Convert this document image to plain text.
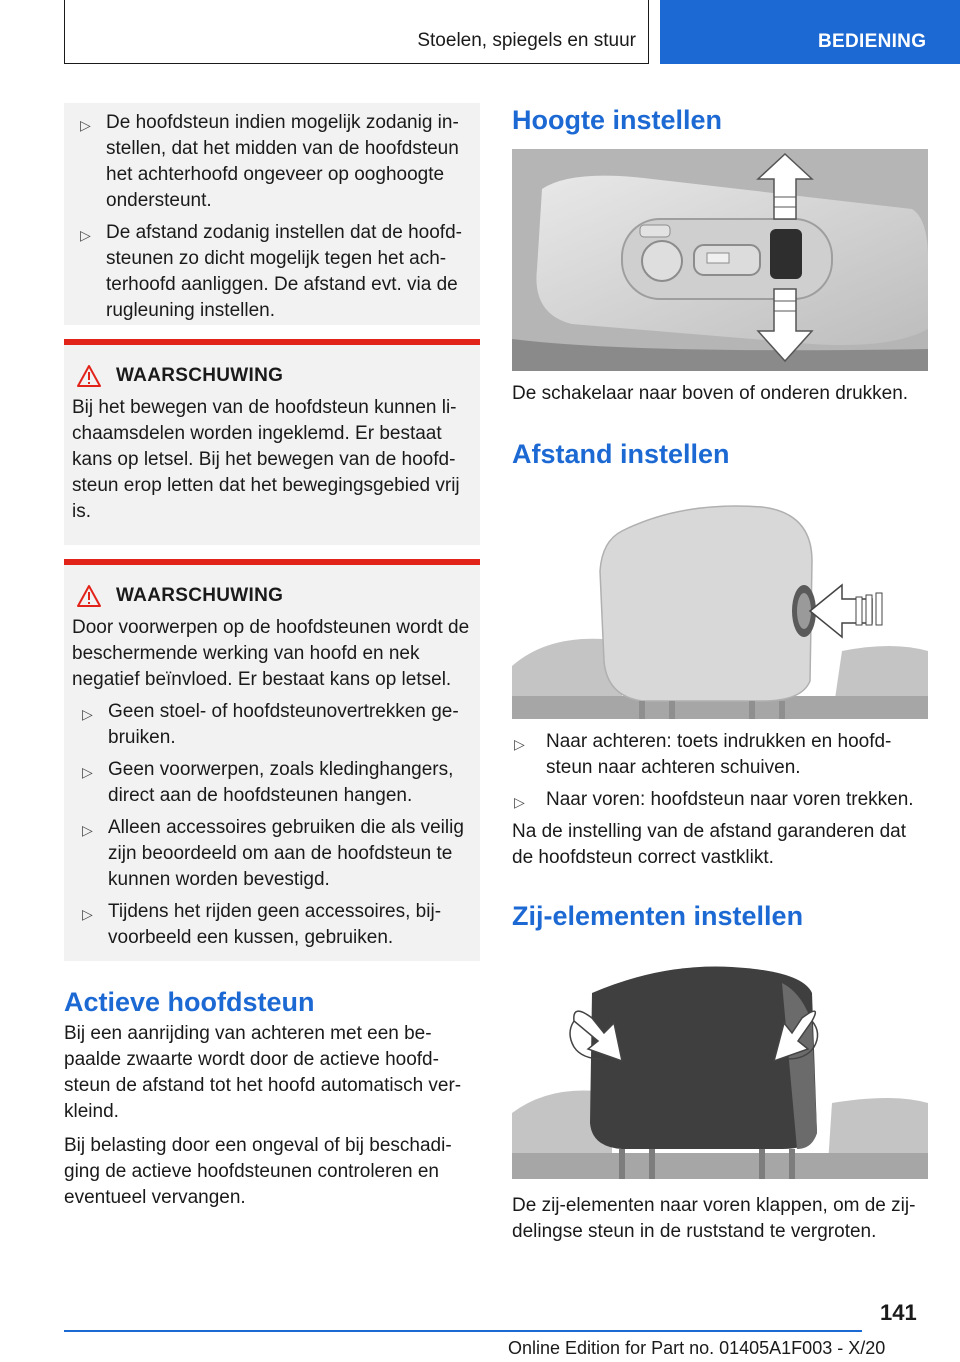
Stoelen, spiegels en stuur	BEDIENING
▷ De hoofdsteun indien mogelijk zodanig in-stellen, dat het midden van de hoofdsteun het achterhoofd ongeveer op ooghoogte ondersteunt.
▷ De afstand zodanig instellen dat de hoofd-steunen zo dicht mogelijk tegen het ach-terhoofd aanliggen. De afstand evt. via de rugleuning instellen.
WAARSCHUWING

Bij het bewegen van de hoofdsteun kunnen li-chaamsdelen worden ingeklemd. Er bestaat kans op letsel. Bij het bewegen van de hoofd-steun erop letten dat het bewegingsgebied vrij is.

WAARSCHUWING

Door voorwerpen op de hoofdsteunen wordt de beschermende werking van hoofd en nek negatief beïnvloed. Er bestaat kans op letsel.

▷ Geen stoel- of hoofdsteunovertrekken ge-bruiken.
▷ Geen voorwerpen, zoals kledinghangers, direct aan de hoofdsteunen hangen.
▷ Alleen accessoires gebruiken die als veilig zijn beoordeeld om aan de hoofdsteun te kunnen worden bevestigd.
▷ Tijdens het rijden geen accessoires, bij-voorbeeld een kussen, gebruiken.
Actieve hoofdsteun

Bij een aanrijding van achteren met een be-paalde zwaarte wordt door de actieve hoofd-steun de afstand tot het hoofd automatisch ver-kleind.

Bij belasting door een ongeval of bij beschadi-ging de actieve hoofdsteunen controleren en eventueel vervangen.

Hoogte instellen

De schakelaar naar boven of onderen drukken.

Afstand instellen
▷ Naar achteren: toets indrukken en hoofd-steun naar achteren schuiven.
▷ Naar voren: hoofdsteun naar voren trekken.

Na de instelling van de afstand garanderen dat de hoofdsteun correct vastklikt.

Zij-elementen instellen

De zij-elementen naar voren klappen, om de zij-delingse steun in de ruststand te vergroten.

141
Online Edition for Part no. 01405A1F003 - X/20
